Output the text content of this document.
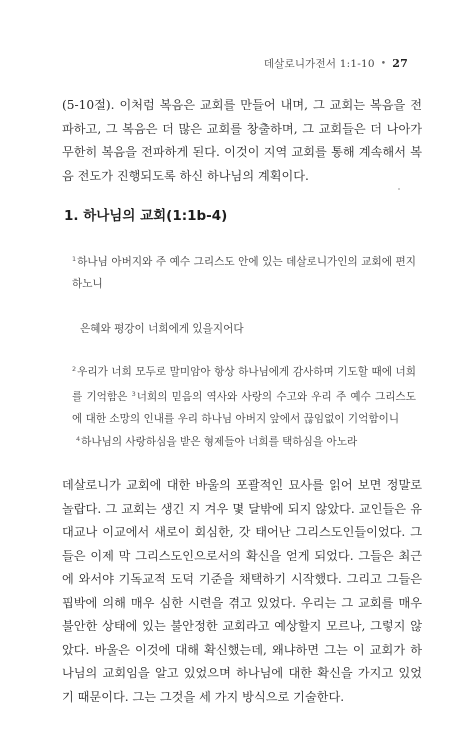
데살로니가전서 1:1-10 • 27

(5-10절). 이처럼 복음은 교회를 만들어 내며, 그 교회는 복음을 전파하고, 그 복음은 더 많은 교회를 창출하며, 그 교회들은 더 나아가 무한히 복음을 전파하게 된다. 이것이 지역 교회를 통해 계속해서 복음 전도가 진행되도록 하신 하나님의 계획이다.

1. 하나님의 교회(1:1b-4)

$^1$하나님 아버지와 주 예수 그리스도 안에 있는 데살로니가인의 교회에 편지하노니

은혜와 평강이 너희에게 있을지어다

$^2$우리가 너희 모두로 말미암아 항상 하나님에게 감사하며 기도할 때에 너희를 기억함은 $^3$너희의 믿음의 역사와 사랑의 수고와 우리 주 예수 그리스도에 대한 소망의 인내를 우리 하나님 아버지 앞에서 끊임없이 기억함이니

$^4$하나님의 사랑하심을 받은 형제들아 너희를 택하심을 아노라

데살로니가 교회에 대한 바울의 포괄적인 묘사를 읽어 보면 정말로 놀랍다. 그 교회는 생긴 지 겨우 몇 달밖에 되지 않았다. 교인들은 유대교나 이교에서 새로이 회심한, 갓 태어난 그리스도인들이었다. 그들은 이제 막 그리스도인으로서의 확신을 얻게 되었다. 그들은 최근에 와서야 기독교적 도덕 기준을 채택하기 시작했다. 그리고 그들은 핍박에 의해 매우 심한 시련을 겪고 있었다. 우리는 그 교회를 매우 불안한 상태에 있는 불안정한 교회라고 예상할지 모르나, 그렇지 않았다. 바울은 이것에 대해 확신했는데, 왜냐하면 그는 이 교회가 하나님의 교회임을 알고 있었으며 하나님에 대한 확신을 가지고 있었기 때문이다. 그는 그것을 세 가지 방식으로 기술한다.
